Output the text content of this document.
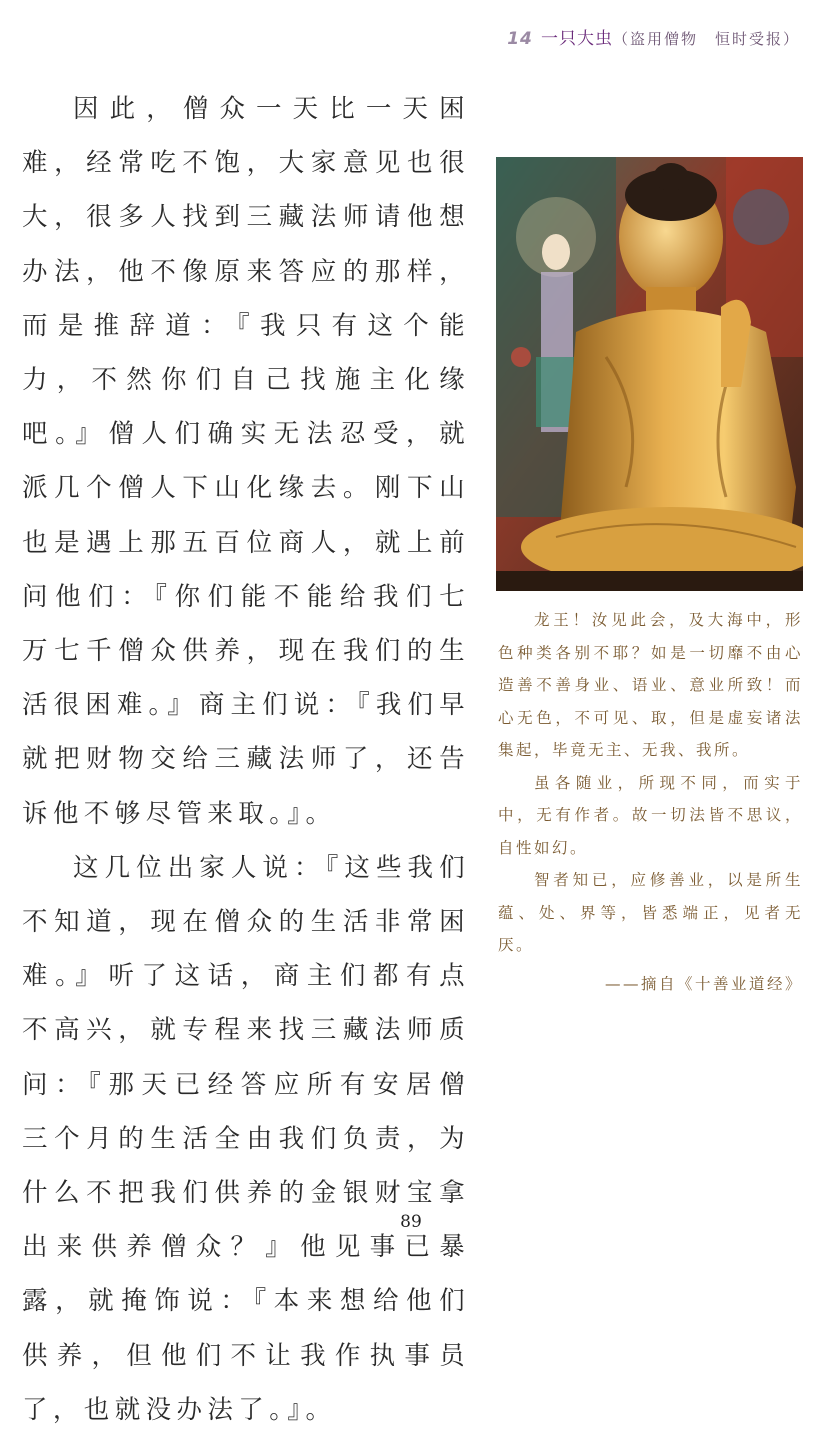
14 一只大虫（盗用僧物　恒时受报）

因此，僧众一天比一天困难，经常吃不饱，大家意见也很大，很多人找到三藏法师请他想办法，他不像原来答应的那样，而是推辞道：『我只有这个能力，不然你们自己找施主化缘吧。』僧人们确实无法忍受，就派几个僧人下山化缘去。刚下山也是遇上那五百位商人，就上前问他们：『你们能不能给我们七万七千僧众供养，现在我们的生活很困难。』商主们说：『我们早就把财物交给三藏法师了，还告诉他不够尽管来取。』。

这几位出家人说：『这些我们不知道，现在僧众的生活非常困难。』听了这话，商主们都有点不高兴，就专程来找三藏法师质问：『那天已经答应所有安居僧三个月的生活全由我们负责，为什么不把我们供养的金银财宝拿出来供养僧众？』他见事已暴露，就掩饰说：『本来想给他们供养，但他们不让我作执事员了，也就没办法了。』。

龙王！汝见此会，及大海中，形色种类各别不耶？如是一切靡不由心造善不善身业、语业、意业所致！而心无色，不可见、取，但是虚妄诸法集起，毕竟无主、无我、我所。

虽各随业，所现不同，而实于中，无有作者。故一切法皆不思议，自性如幻。

智者知已，应修善业，以是所生蕴、处、界等，皆悉端正，见者无厌。

——摘自《十善业道经》

89
